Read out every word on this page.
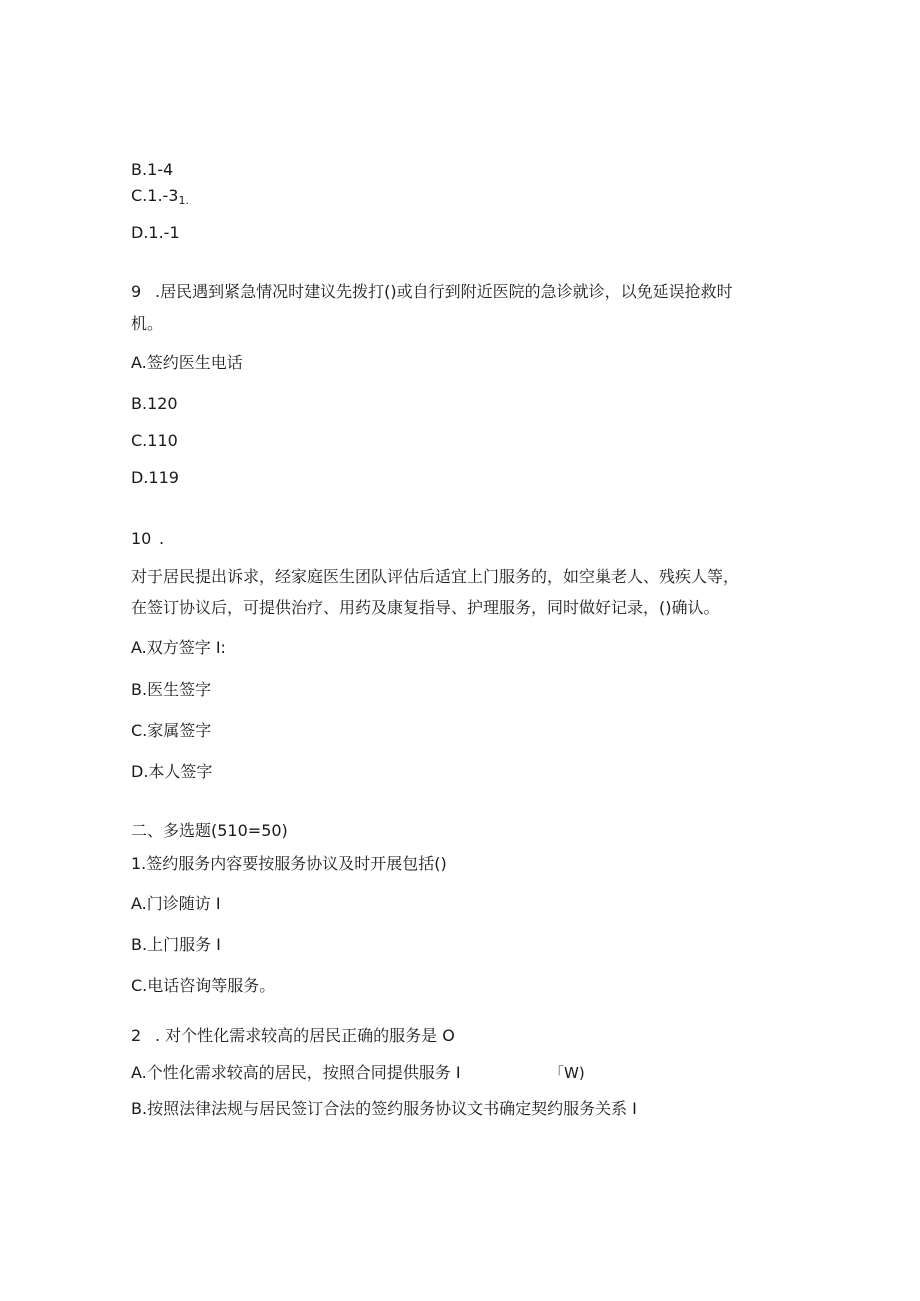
B.1-4
$C.1.-3_{1.}$
D.1.-1
9 .居民遇到紧急情况时建议先拨打()或自行到附近医院的急诊就诊，以免延误抢救时
机。
A.签约医生电话
B.120
C.110
D.119
10 .
对于居民提出诉求，经家庭医生团队评估后适宜上门服务的，如空巢老人、残疾人等，
在签订协议后，可提供治疗、用药及康复指导、护理服务，同时做好记录，()确认。
A.双方签字 I:
B.医生签字
C.家属签字
D.本人签字
二、多选题(510=50)
1.签约服务内容要按服务协议及时开展包括()
A.门诊随访 I
B.上门服务 I
C.电话咨询等服务。
2 . 对个性化需求较高的居民正确的服务是 O
A.个性化需求较高的居民，按照合同提供服务 I	「W)
B.按照法律法规与居民签订合法的签约服务协议文书确定契约服务关系 I
